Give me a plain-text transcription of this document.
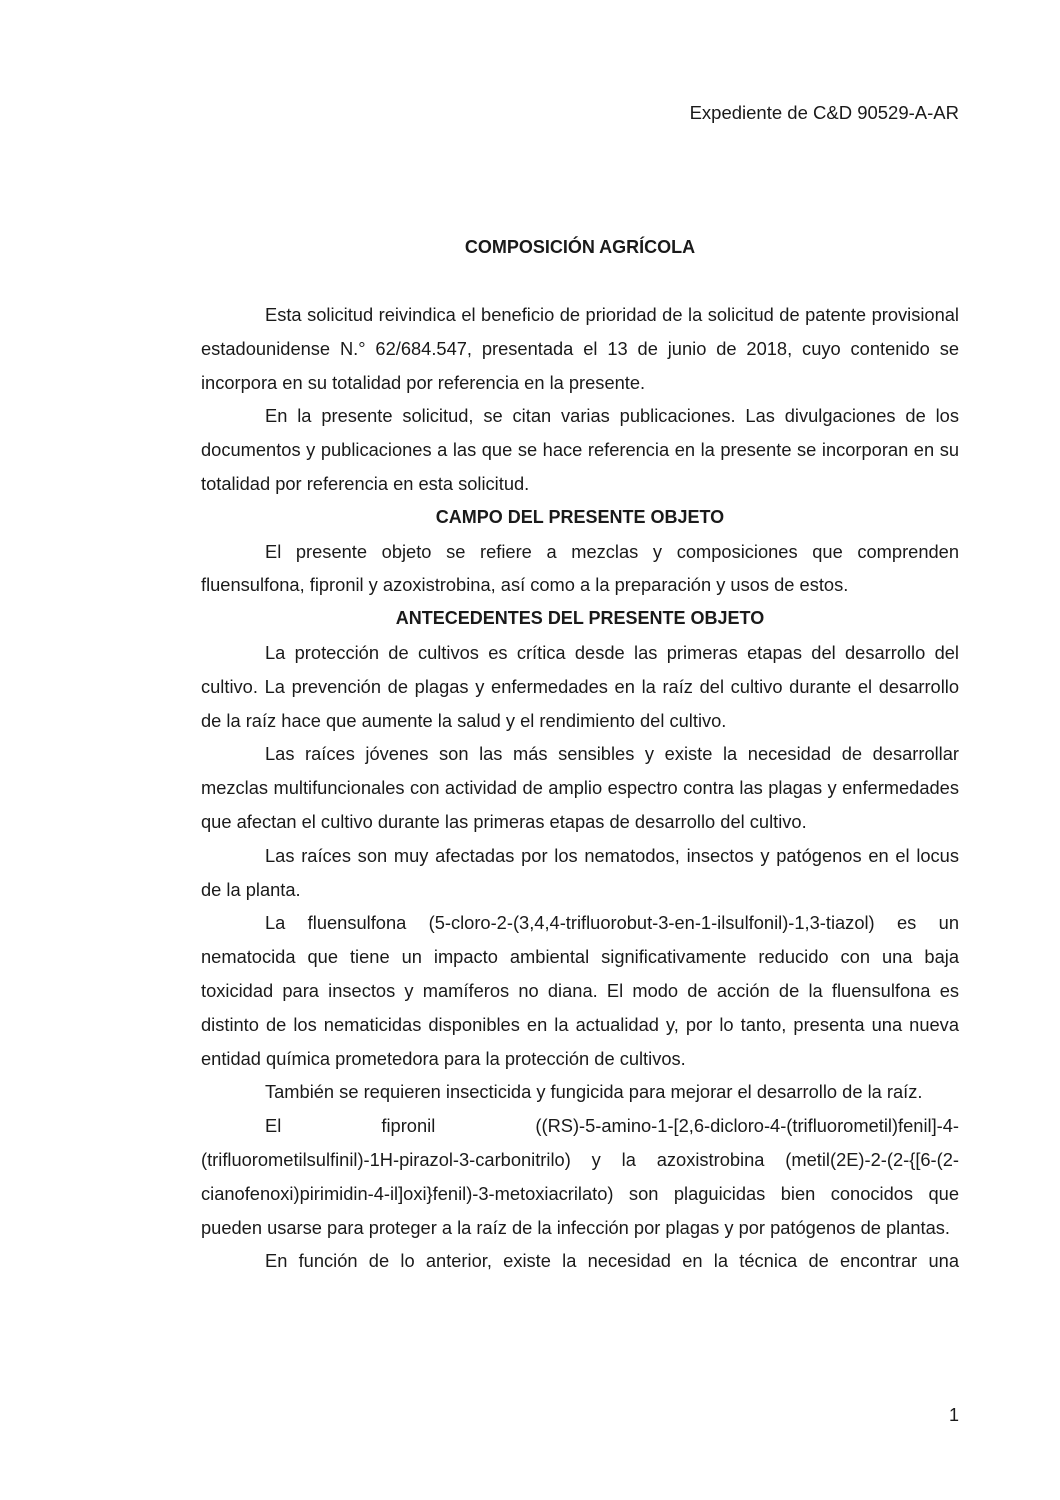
Expediente de C&D 90529-A-AR
COMPOSICIÓN AGRÍCOLA

Esta solicitud reivindica el beneficio de prioridad de la solicitud de patente provisional estadounidense N.° 62/684.547, presentada el 13 de junio de 2018, cuyo contenido se incorpora en su totalidad por referencia en la presente.

En la presente solicitud, se citan varias publicaciones. Las divulgaciones de los documentos y publicaciones a las que se hace referencia en la presente se incorporan en su totalidad por referencia en esta solicitud.

CAMPO DEL PRESENTE OBJETO

El presente objeto se refiere a mezclas y composiciones que comprenden fluensulfona, fipronil y azoxistrobina, así como a la preparación y usos de estos.

ANTECEDENTES DEL PRESENTE OBJETO

La protección de cultivos es crítica desde las primeras etapas del desarrollo del cultivo. La prevención de plagas y enfermedades en la raíz del cultivo durante el desarrollo de la raíz hace que aumente la salud y el rendimiento del cultivo.

Las raíces jóvenes son las más sensibles y existe la necesidad de desarrollar mezclas multifuncionales con actividad de amplio espectro contra las plagas y enfermedades que afectan el cultivo durante las primeras etapas de desarrollo del cultivo.

Las raíces son muy afectadas por los nematodos, insectos y patógenos en el locus de la planta.

La fluensulfona (5-cloro-2-(3,4,4-trifluorobut-3-en-1-ilsulfonil)-1,3-tiazol) es un nematocida que tiene un impacto ambiental significativamente reducido con una baja toxicidad para insectos y mamíferos no diana. El modo de acción de la fluensulfona es distinto de los nematicidas disponibles en la actualidad y, por lo tanto, presenta una nueva entidad química prometedora para la protección de cultivos.

También se requieren insecticida y fungicida para mejorar el desarrollo de la raíz.

El fipronil ((RS)-5-amino-1-[2,6-dicloro-4-(trifluorometil)fenil]-4-(trifluorometilsulfinil)-1H-pirazol-3-carbonitrilo) y la azoxistrobina (metil(2E)-2-(2-{[6-(2-cianofenoxi)pirimidin-4-il]oxi}fenil)-3-metoxiacrilato) son plaguicidas bien conocidos que pueden usarse para proteger a la raíz de la infección por plagas y por patógenos de plantas.

En función de lo anterior, existe la necesidad en la técnica de encontrar una

1
